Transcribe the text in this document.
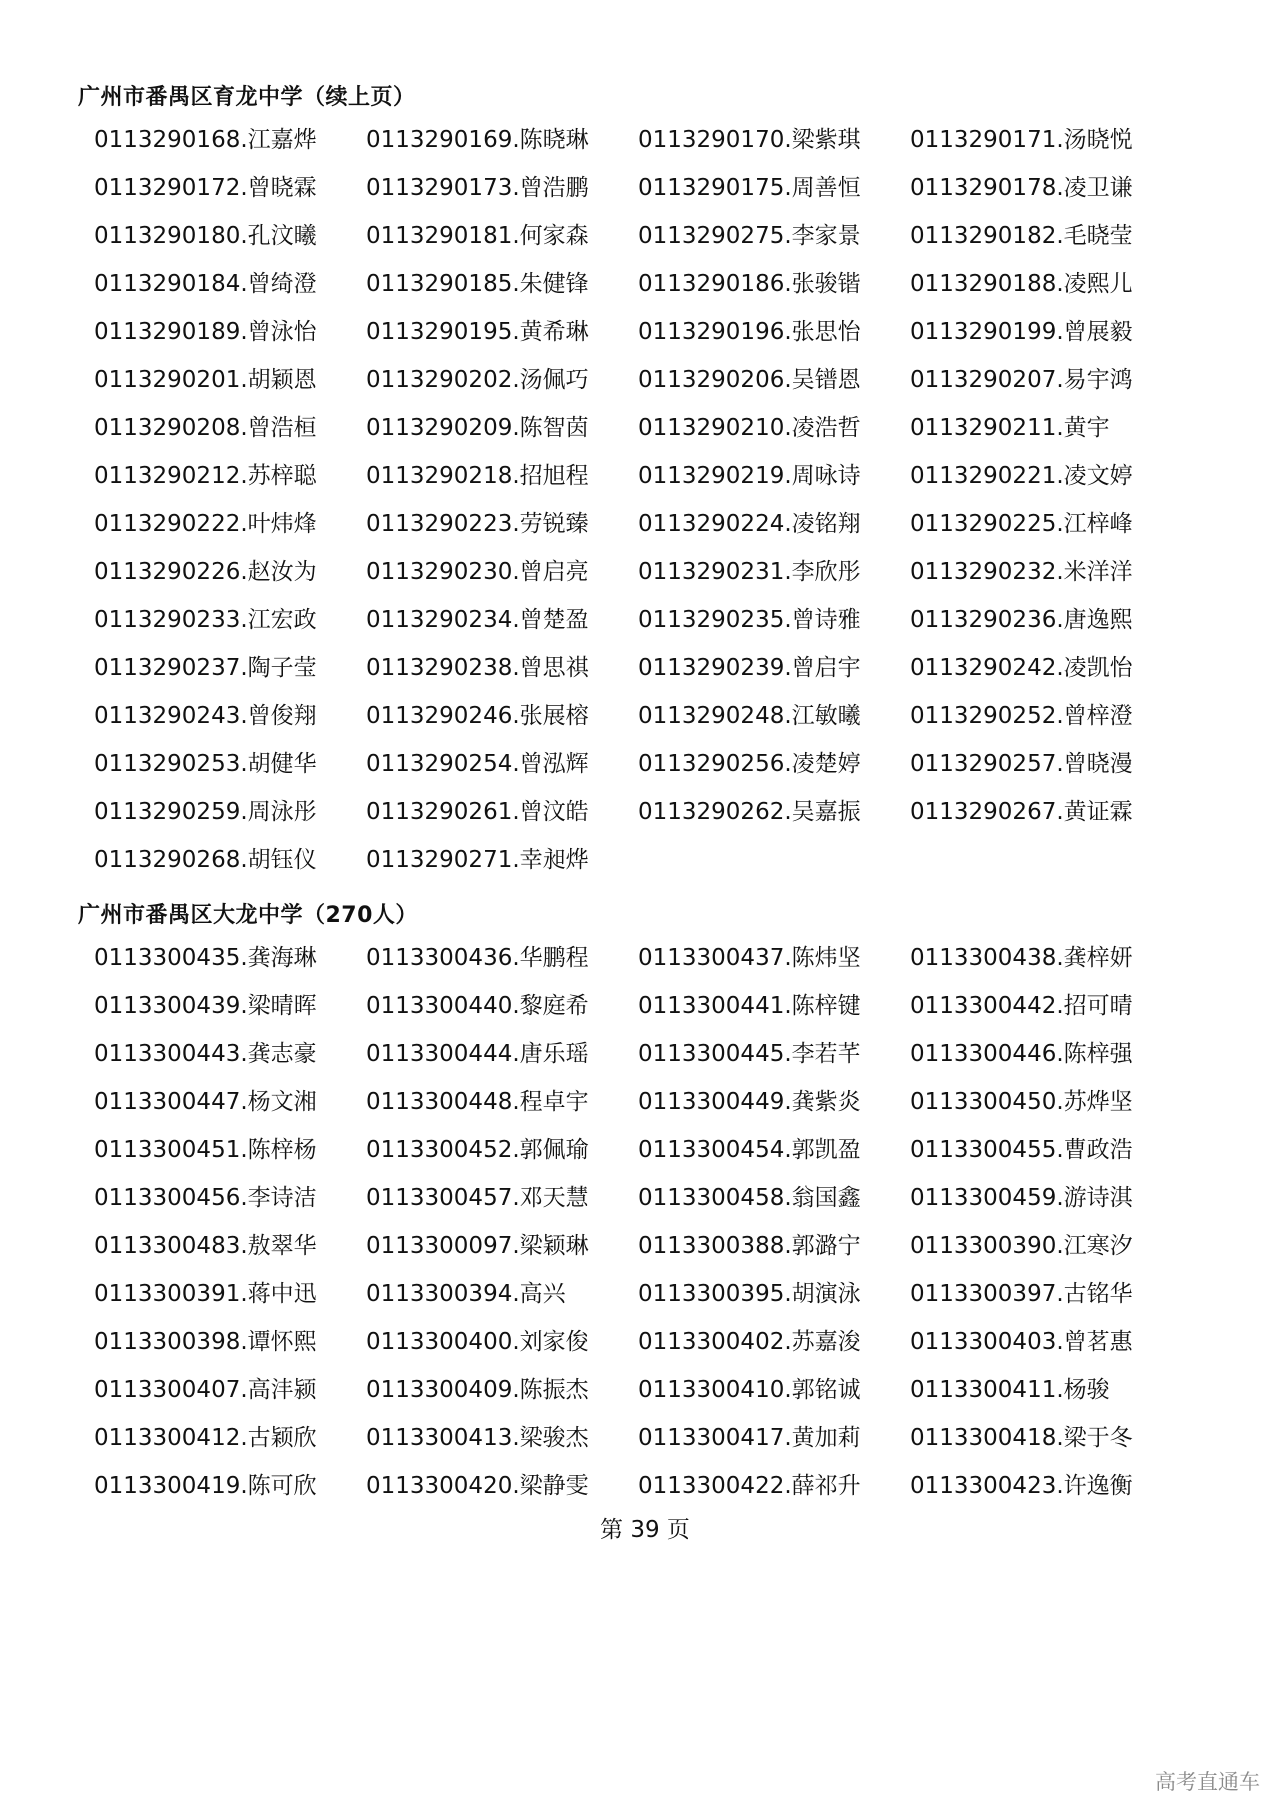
广州市番禺区育龙中学（续上页）
0113290168.江嘉烨	0113290169.陈晓琳	0113290170.梁紫琪	0113290171.汤晓悦
0113290172.曾晓霖	0113290173.曾浩鹏	0113290175.周善恒	0113290178.凌卫谦
0113290180.孔汶曦	0113290181.何家森	0113290275.李家景	0113290182.毛晓莹
0113290184.曾绮澄	0113290185.朱健锋	0113290186.张骏锴	0113290188.凌熙儿
0113290189.曾泳怡	0113290195.黄希琳	0113290196.张思怡	0113290199.曾展毅
0113290201.胡颖恩	0113290202.汤佩巧	0113290206.吴镨恩	0113290207.易宇鸿
0113290208.曾浩桓	0113290209.陈智茵	0113290210.凌浩哲	0113290211.黄宇
0113290212.苏梓聪	0113290218.招旭程	0113290219.周咏诗	0113290221.凌文婷
0113290222.叶炜烽	0113290223.劳锐臻	0113290224.凌铭翔	0113290225.江梓峰
0113290226.赵汝为	0113290230.曾启亮	0113290231.李欣彤	0113290232.米洋洋
0113290233.江宏政	0113290234.曾楚盈	0113290235.曾诗雅	0113290236.唐逸熙
0113290237.陶子莹	0113290238.曾思祺	0113290239.曾启宇	0113290242.凌凯怡
0113290243.曾俊翔	0113290246.张展榕	0113290248.江敏曦	0113290252.曾梓澄
0113290253.胡健华	0113290254.曾泓辉	0113290256.凌楚婷	0113290257.曾晓漫
0113290259.周泳彤	0113290261.曾汶皓	0113290262.吴嘉振	0113290267.黄证霖
0113290268.胡钰仪	0113290271.幸昶烨
广州市番禺区大龙中学（270人）
0113300435.龚海琳	0113300436.华鹏程	0113300437.陈炜坚	0113300438.龚梓妍
0113300439.梁晴晖	0113300440.黎庭希	0113300441.陈梓键	0113300442.招可晴
0113300443.龚志豪	0113300444.唐乐瑶	0113300445.李若芊	0113300446.陈梓强
0113300447.杨文湘	0113300448.程卓宇	0113300449.龚紫炎	0113300450.苏烨坚
0113300451.陈梓杨	0113300452.郭佩瑜	0113300454.郭凯盈	0113300455.曹政浩
0113300456.李诗洁	0113300457.邓天慧	0113300458.翁国鑫	0113300459.游诗淇
0113300483.敖翠华	0113300097.梁颖琳	0113300388.郭潞宁	0113300390.江寒汐
0113300391.蒋中迅	0113300394.高兴	0113300395.胡演泳	0113300397.古铭华
0113300398.谭怀熙	0113300400.刘家俊	0113300402.苏嘉浚	0113300403.曾茗惠
0113300407.高沣颍	0113300409.陈振杰	0113300410.郭铭诚	0113300411.杨骏
0113300412.古颖欣	0113300413.梁骏杰	0113300417.黄加莉	0113300418.梁于冬
0113300419.陈可欣	0113300420.梁静雯	0113300422.薛祁升	0113300423.许逸衡
第 39 页
高考直通车
